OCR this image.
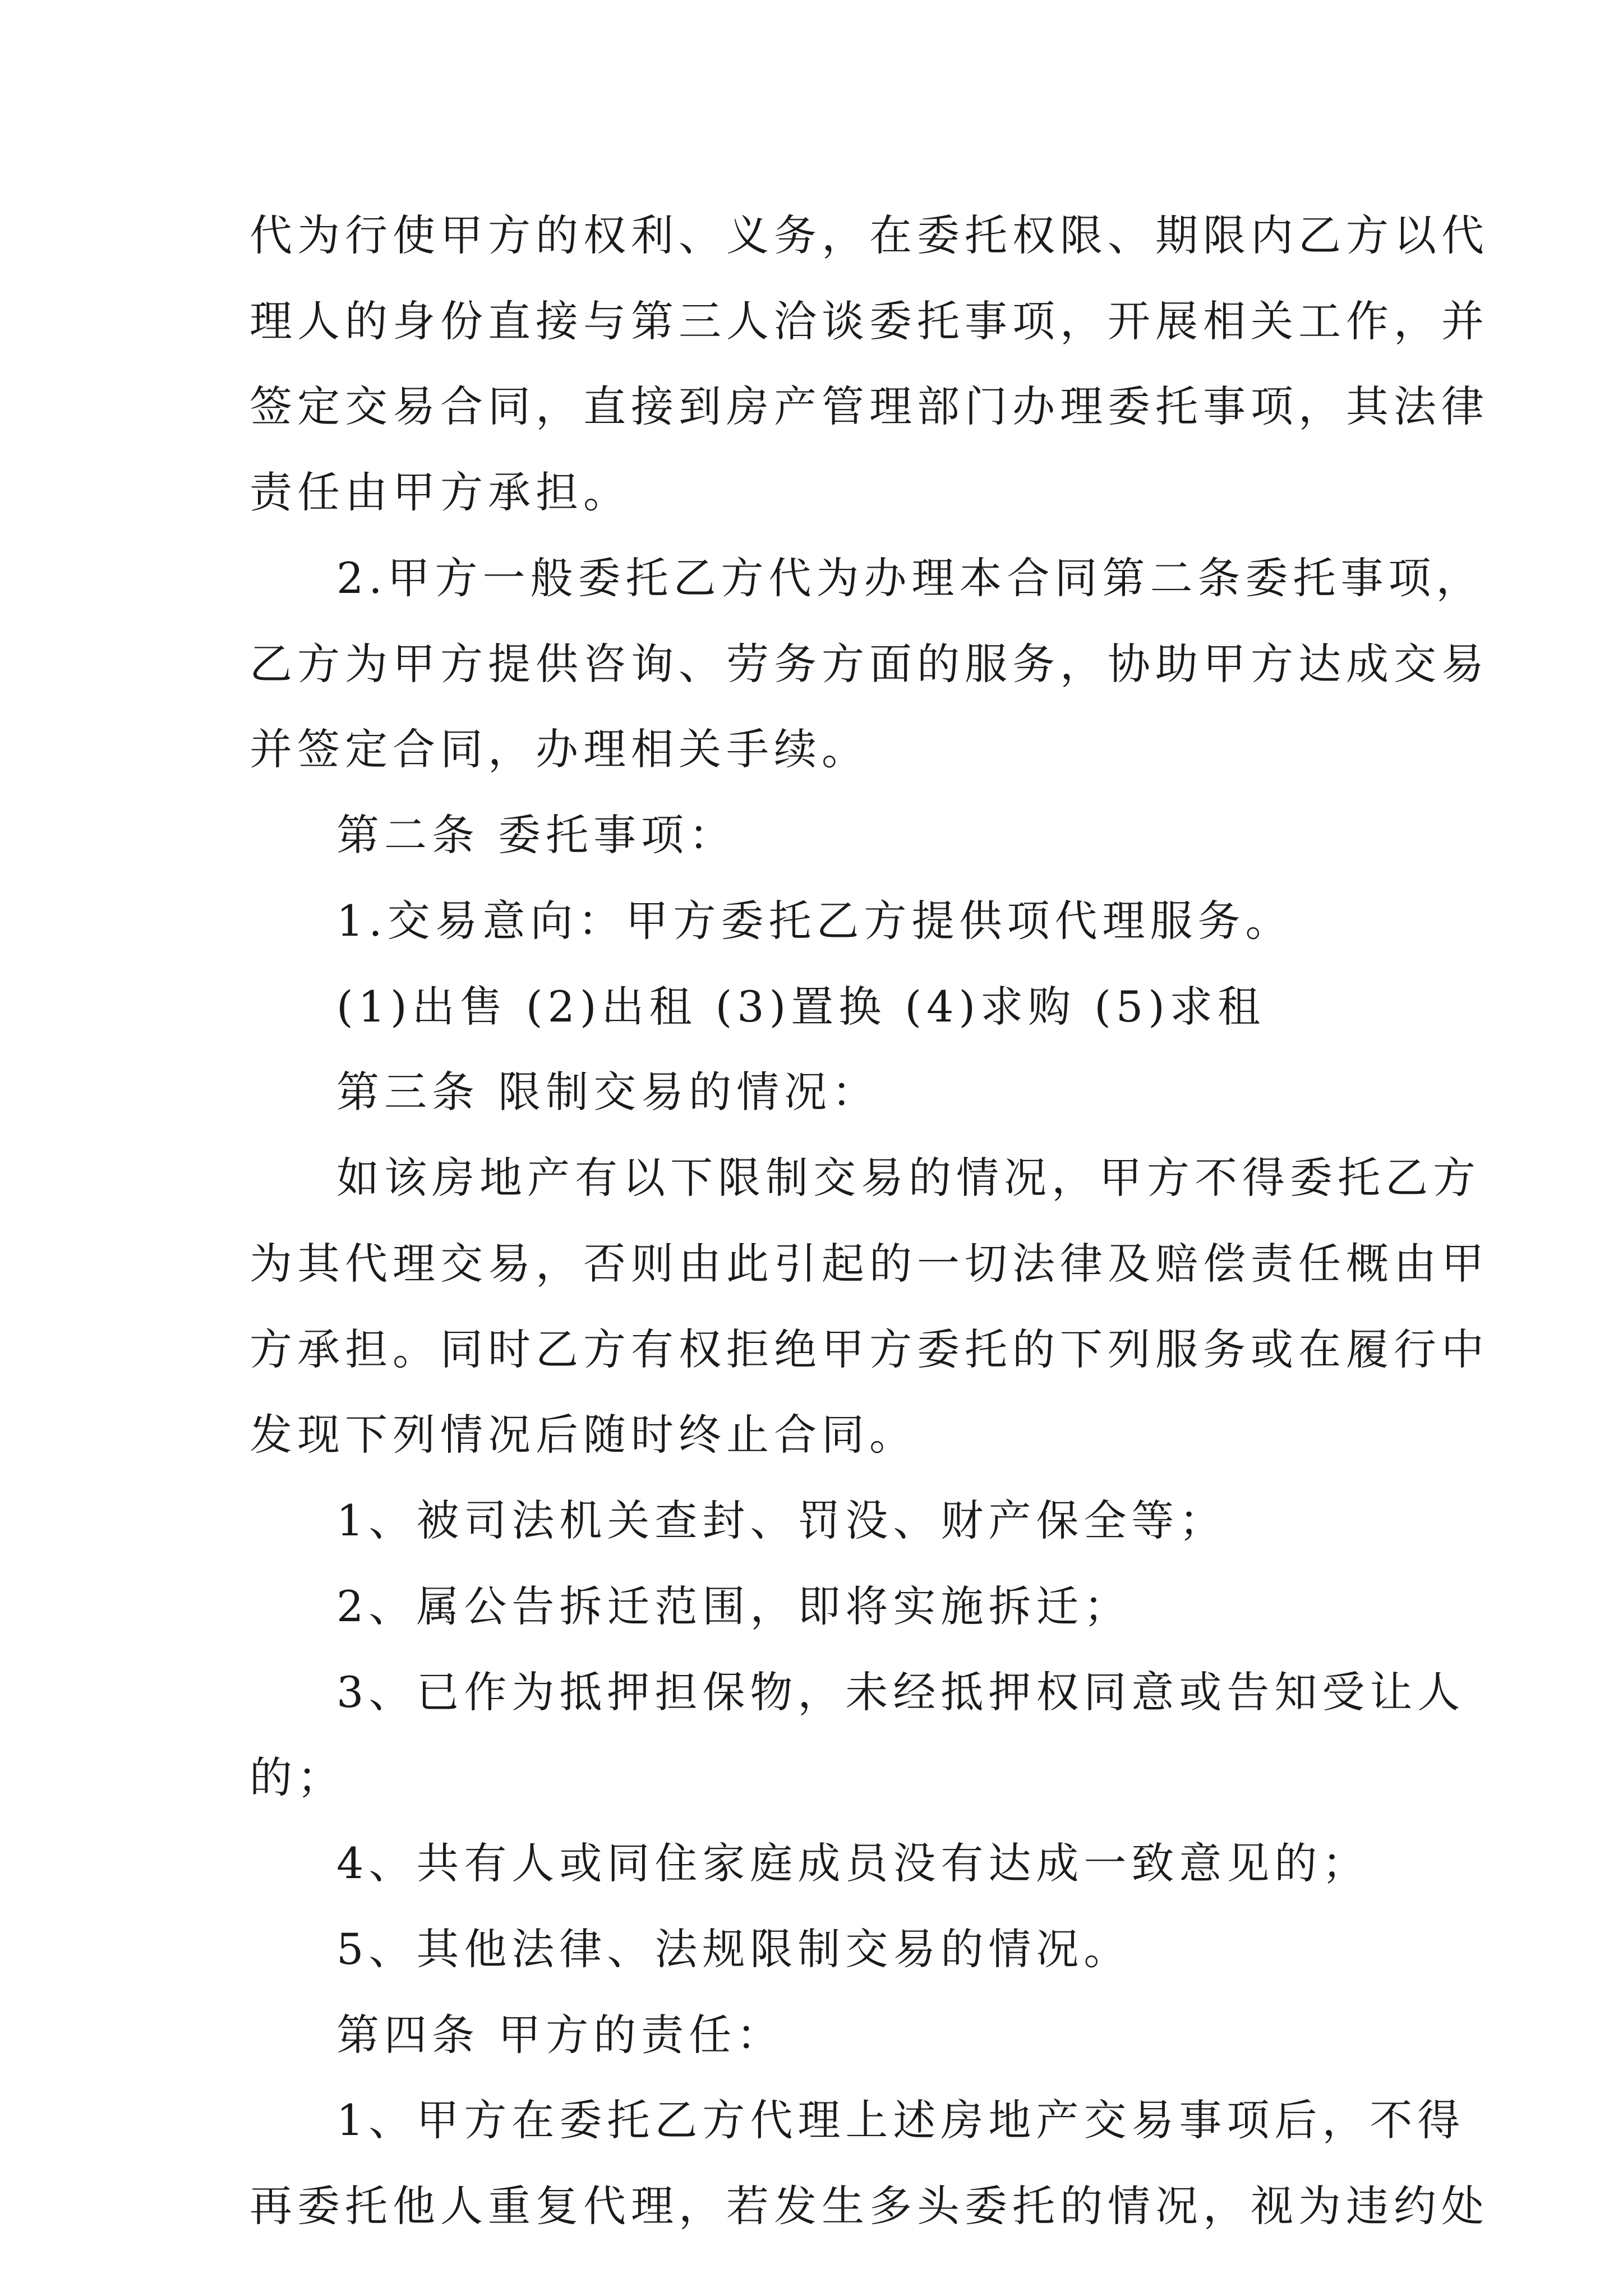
代为行使甲方的权利、义务，在委托权限、期限内乙方以代
理人的身份直接与第三人洽谈委托事项，开展相关工作，并
签定交易合同，直接到房产管理部门办理委托事项，其法律
责任由甲方承担。
2.甲方一般委托乙方代为办理本合同第二条委托事项，
乙方为甲方提供咨询、劳务方面的服务，协助甲方达成交易
并签定合同，办理相关手续。
第二条 委托事项：
1.交易意向：甲方委托乙方提供项代理服务。
(1)出售 (2)出租 (3)置换 (4)求购 (5)求租
第三条 限制交易的情况：
如该房地产有以下限制交易的情况，甲方不得委托乙方
为其代理交易，否则由此引起的一切法律及赔偿责任概由甲
方承担。同时乙方有权拒绝甲方委托的下列服务或在履行中
发现下列情况后随时终止合同。
1、被司法机关查封、罚没、财产保全等；
2、属公告拆迁范围，即将实施拆迁；
3、已作为抵押担保物，未经抵押权同意或告知受让人
的；
4、共有人或同住家庭成员没有达成一致意见的；
5、其他法律、法规限制交易的情况。
第四条 甲方的责任：
1、甲方在委托乙方代理上述房地产交易事项后，不得
再委托他人重复代理，若发生多头委托的情况，视为违约处
